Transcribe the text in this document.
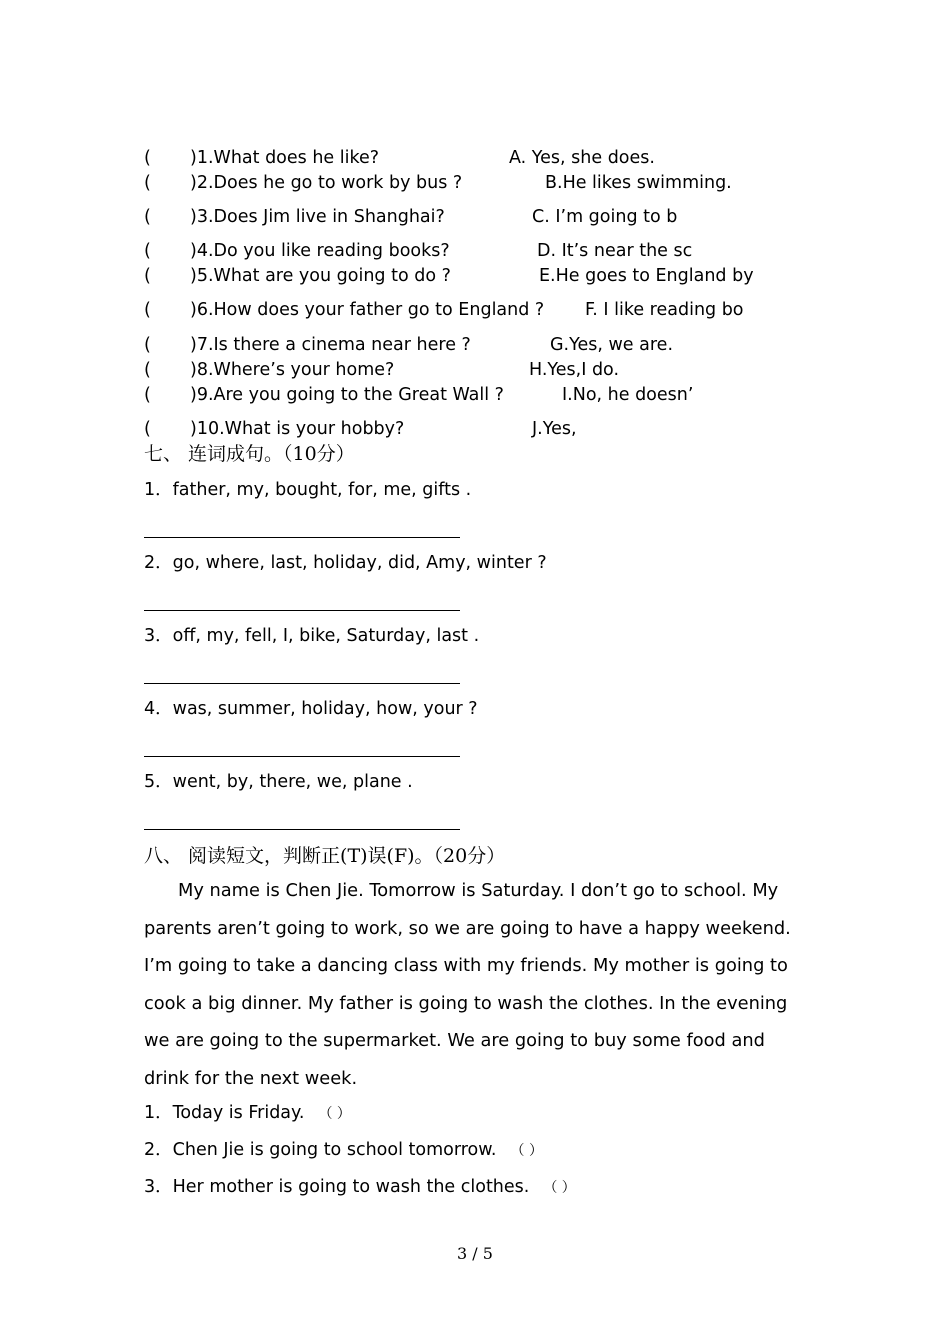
( )1.What does he like?	A. Yes, she does.
( )2.Does he go to work by bus ?	B.He likes swimming.
( )3.Does Jim live in Shanghai?	C. I’m going to b
( )4.Do you like reading books?	D. It’s near the sc
( )5.What are you going to do ?	E.He goes to England by
( )6.How does your father go to England ? F. I like reading bo
( )7.Is there a cinema near here ?	G.Yes, we are.
( )8.Where’s your home?	H.Yes,I do.
( )9.Are you going to the Great Wall ?	I.No, he doesn’
( )10.What is your hobby?	J.Yes,
七、 连词成句。（10分）
1．father, my, bought, for, me, gifts .
2．go, where, last, holiday, did, Amy, winter ?
3．off, my, fell, I, bike, Saturday, last .
4．was, summer, holiday, how, your ?
5．went, by, there, we, plane .
八、 阅读短文，判断正(T)误(F)。（20分）

My name is Chen Jie. Tomorrow is Saturday. I don’t go to school. My parents aren’t going to work, so we are going to have a happy weekend. I’m going to take a dancing class with my friends. My mother is going to cook a big dinner. My father is going to wash the clothes. In the evening we are going to the supermarket. We are going to buy some food and drink for the next week.

1．Today is Friday. （ ）
2．Chen Jie is going to school tomorrow. （ ）
3．Her mother is going to wash the clothes. （ ）
3 / 5
